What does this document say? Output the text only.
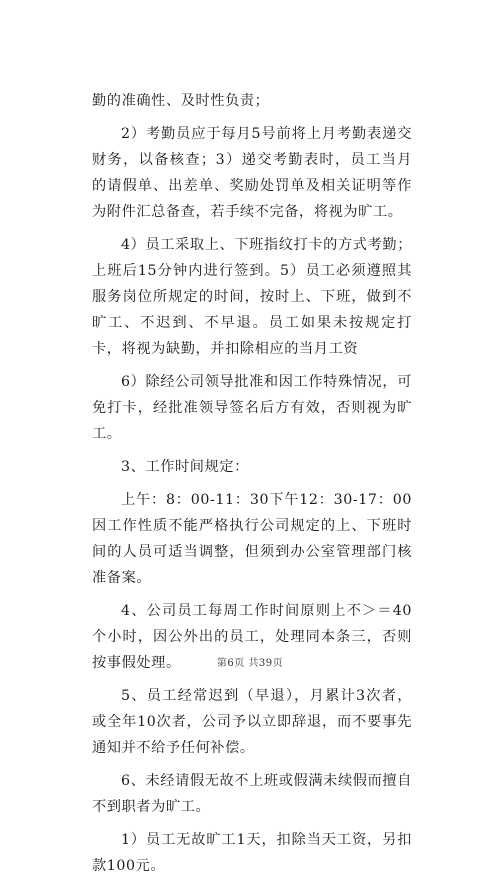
勤的准确性、及时性负责；

2）考勤员应于每月5号前将上月考勤表递交财务，以备核查；3）递交考勤表时，员工当月的请假单、出差单、奖励处罚单及相关证明等作为附件汇总备查，若手续不完备，将视为旷工。

4）员工采取上、下班指纹打卡的方式考勤；上班后15分钟内进行签到。5）员工必须遵照其服务岗位所规定的时间，按时上、下班，做到不旷工、不迟到、不早退。员工如果未按规定打卡，将视为缺勤，并扣除相应的当月工资

6）除经公司领导批准和因工作特殊情况，可免打卡，经批准领导签名后方有效，否则视为旷工。

3、工作时间规定：

上午：8：00-11：30下午12：30-17：00因工作性质不能严格执行公司规定的上、下班时间的人员可适当调整，但须到办公室管理部门核准备案。

4、公司员工每周工作时间原则上不＞＝40个小时，因公外出的员工，处理同本条三，否则按事假处理。

5、员工经常迟到（早退），月累计3次者，或全年10次者，公司予以立即辞退，而不要事先通知并不给予任何补偿。

6、未经请假无故不上班或假满未续假而擅自不到职者为旷工。

1）员工无故旷工1天，扣除当天工资，另扣款100元。

第6页 共39页
